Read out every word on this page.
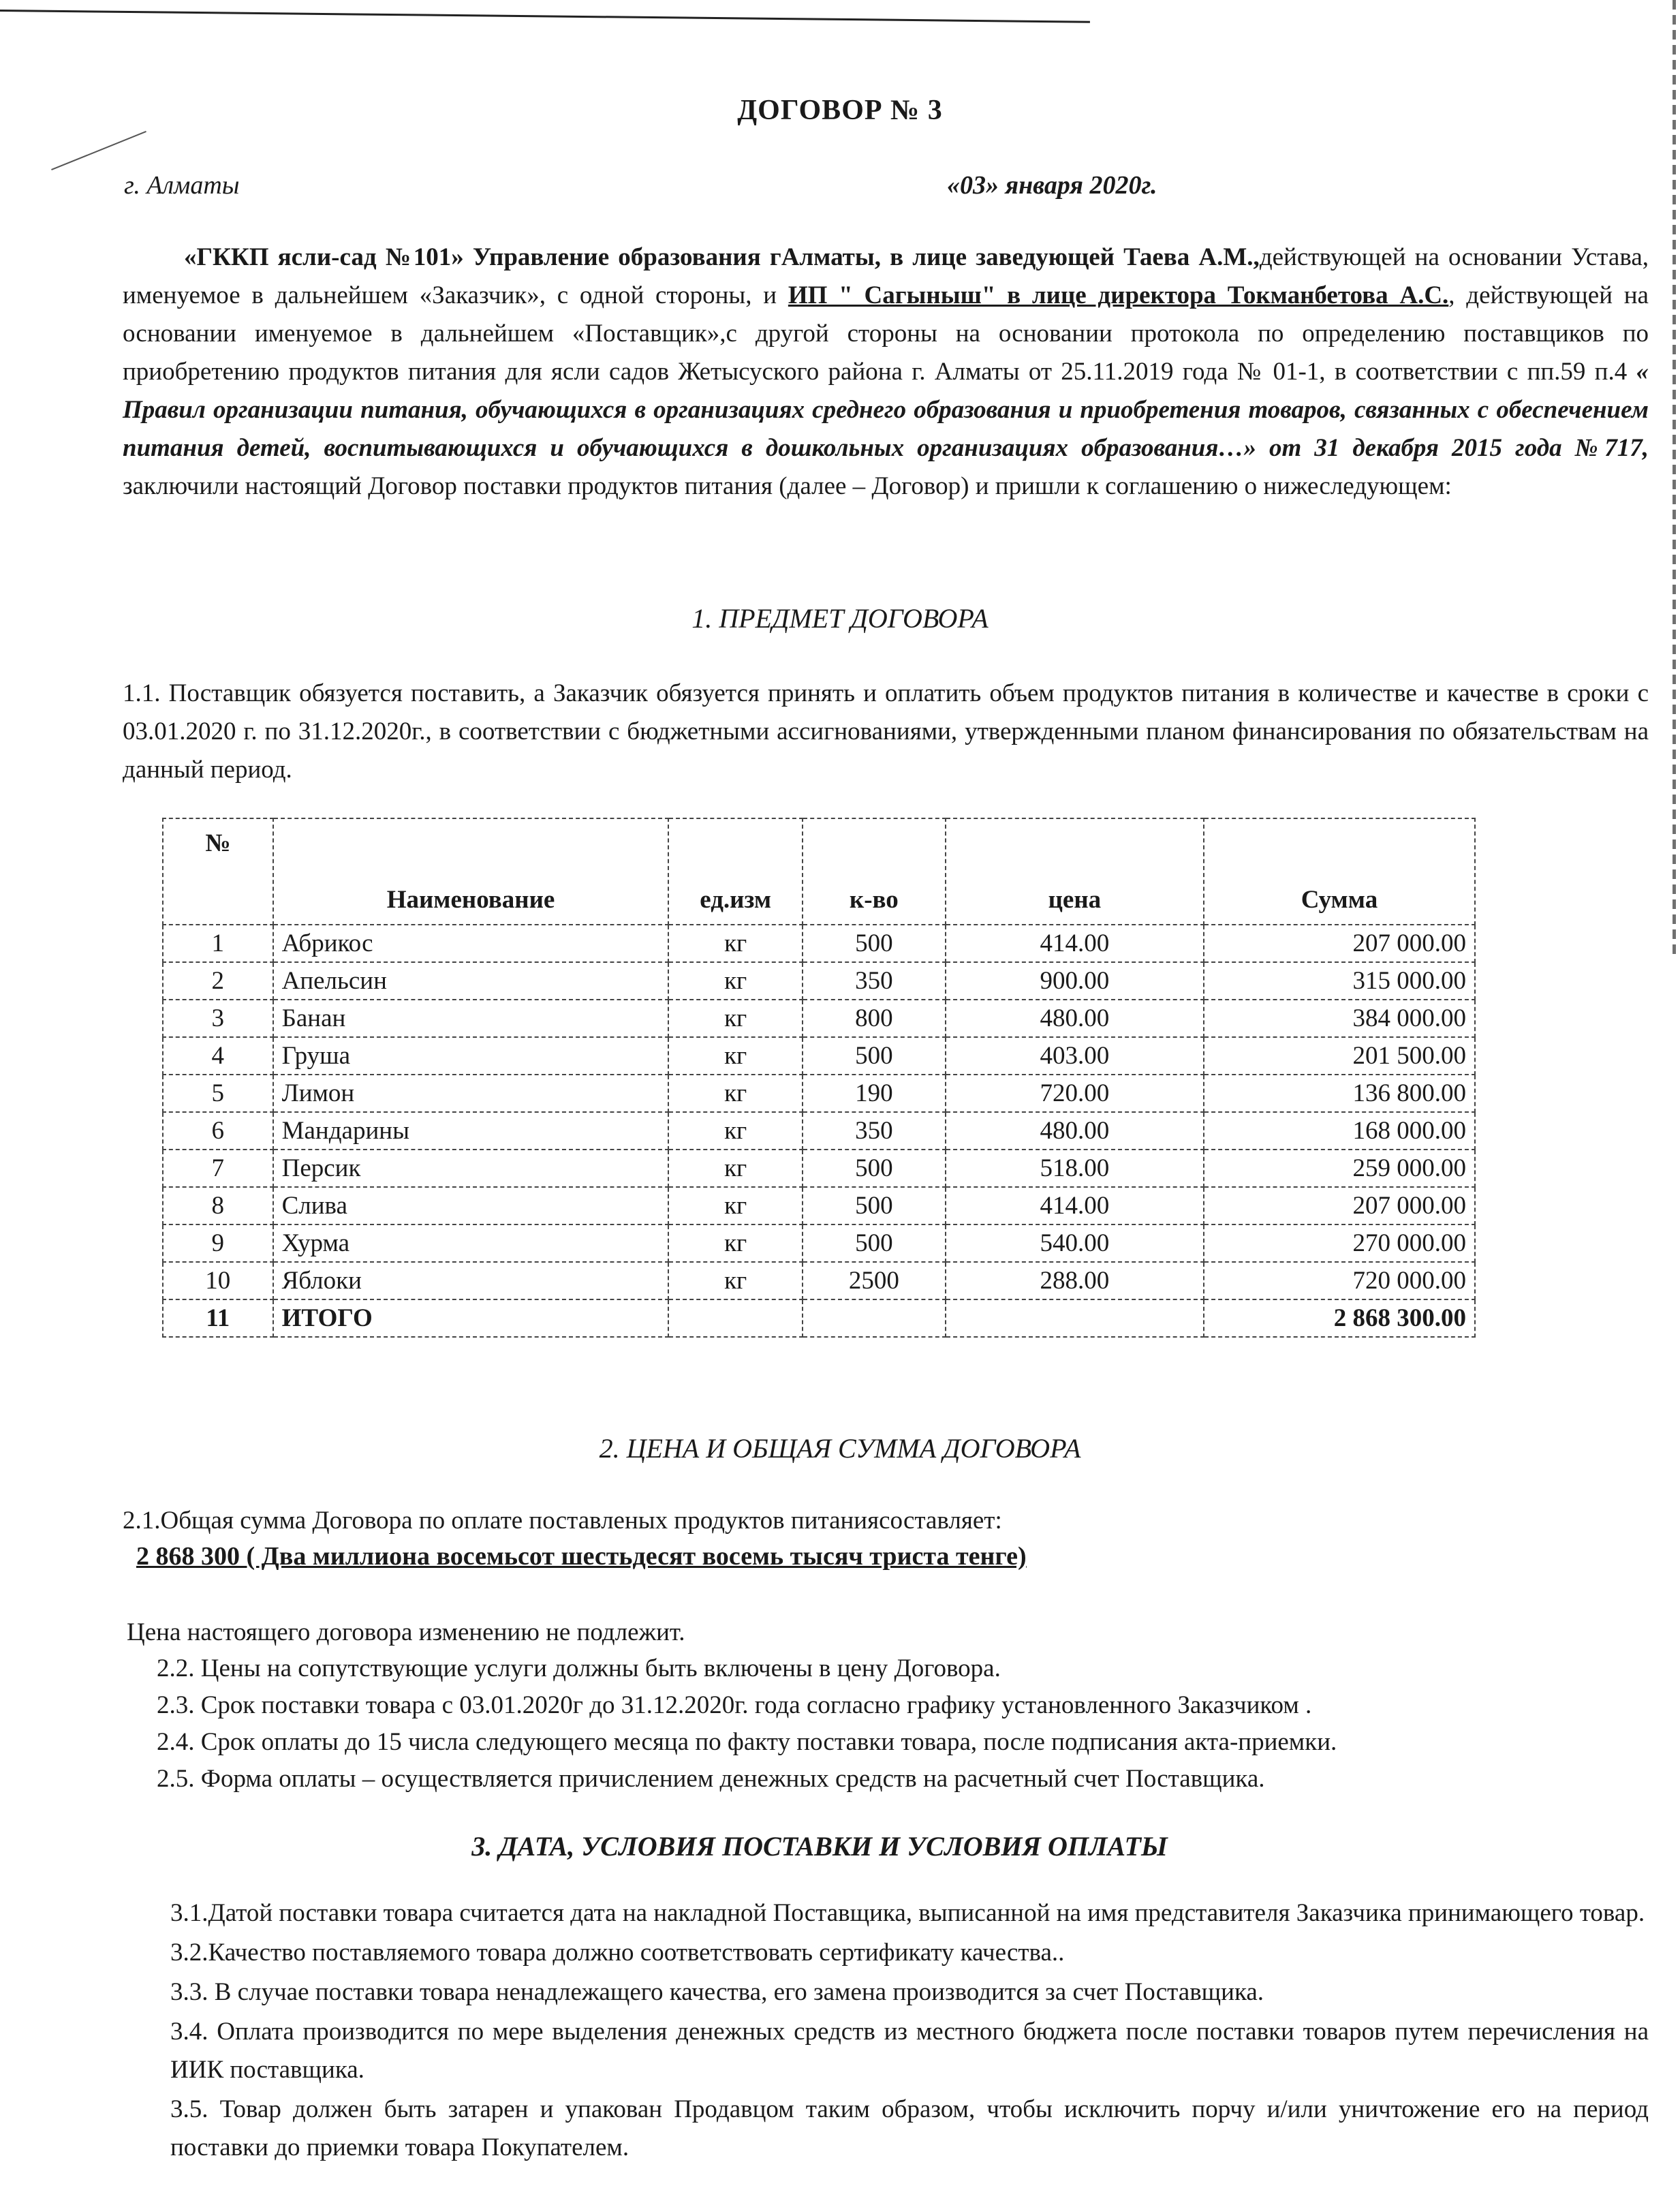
ДОГОВОР № 3
г. Алматы	«03» января 2020г.
«ГККП ясли-сад №101» Управление образования гАлматы, в лице заведующей Таева А.М.,действующей на основании Устава, именуемое в дальнейшем «Заказчик», с одной стороны, и ИП " Сагыныш" в лице директора Токманбетова А.С., действующей на основании именуемое в дальнейшем «Поставщик»,с другой стороны на основании протокола по определению поставщиков по приобретению продуктов питания для ясли садов Жетысуского района г. Алматы от 25.11.2019 года № 01-1, в соответствии с пп.59 п.4 « Правил организации питания, обучающихся в организациях среднего образования и приобретения товаров, связанных с обеспечением питания детей, воспитывающихся и обучающихся в дошкольных организациях образования…» от 31 декабря 2015 года №717, заключили настоящий Договор поставки продуктов питания (далее – Договор) и пришли к соглашению о нижеследующем:
1. ПРЕДМЕТ ДОГОВОРА
1.1. Поставщик обязуется поставить, а Заказчик обязуется принять и оплатить объем продуктов питания в количестве и качестве в сроки с 03.01.2020 г. по 31.12.2020г., в соответствии с бюджетными ассигнованиями, утвержденными планом финансирования по обязательствам на данный период.
№	Наименование	ед.изм	к-во	цена	Сумма
1	Абрикос	кг	500	414.00	207 000.00
2	Апельсин	кг	350	900.00	315 000.00
3	Банан	кг	800	480.00	384 000.00
4	Груша	кг	500	403.00	201 500.00
5	Лимон	кг	190	720.00	136 800.00
6	Мандарины	кг	350	480.00	168 000.00
7	Персик	кг	500	518.00	259 000.00
8	Слива	кг	500	414.00	207 000.00
9	Хурма	кг	500	540.00	270 000.00
10	Яблоки	кг	2500	288.00	720 000.00
11	ИТОГО				2 868 300.00
2. ЦЕНА И ОБЩАЯ СУММА ДОГОВОРА
2.1.Общая сумма Договора по оплате поставленых продуктов питаниясоставляет:
2 868 300 ( Два миллиона восемьсот шестьдесят восемь тысяч триста тенге)
Цена настоящего договора изменению не подлежит.
2.2. Цены на сопутствующие услуги должны быть включены в цену Договора.
2.3. Срок поставки товара с 03.01.2020г до 31.12.2020г. года согласно графику установленного Заказчиком .
2.4. Срок оплаты до 15 числа следующего месяца по факту поставки товара, после подписания акта-приемки.
2.5. Форма оплаты – осуществляется причислением денежных средств на расчетный счет Поставщика.
3. ДАТА, УСЛОВИЯ ПОСТАВКИ И УСЛОВИЯ ОПЛАТЫ
3.1.Датой поставки товара считается дата на накладной Поставщика, выписанной на имя представителя Заказчика принимающего товар.
3.2.Качество поставляемого товара должно соответствовать сертификату качества..
3.3. В случае поставки товара ненадлежащего качества, его замена производится за счет Поставщика.
3.4. Оплата производится по мере выделения денежных средств из местного бюджета после поставки товаров путем перечисления на ИИК поставщика.
3.5. Товар должен быть затарен и упакован Продавцом таким образом, чтобы исключить порчу и/или уничтожение его на период поставки до приемки товара Покупателем.
